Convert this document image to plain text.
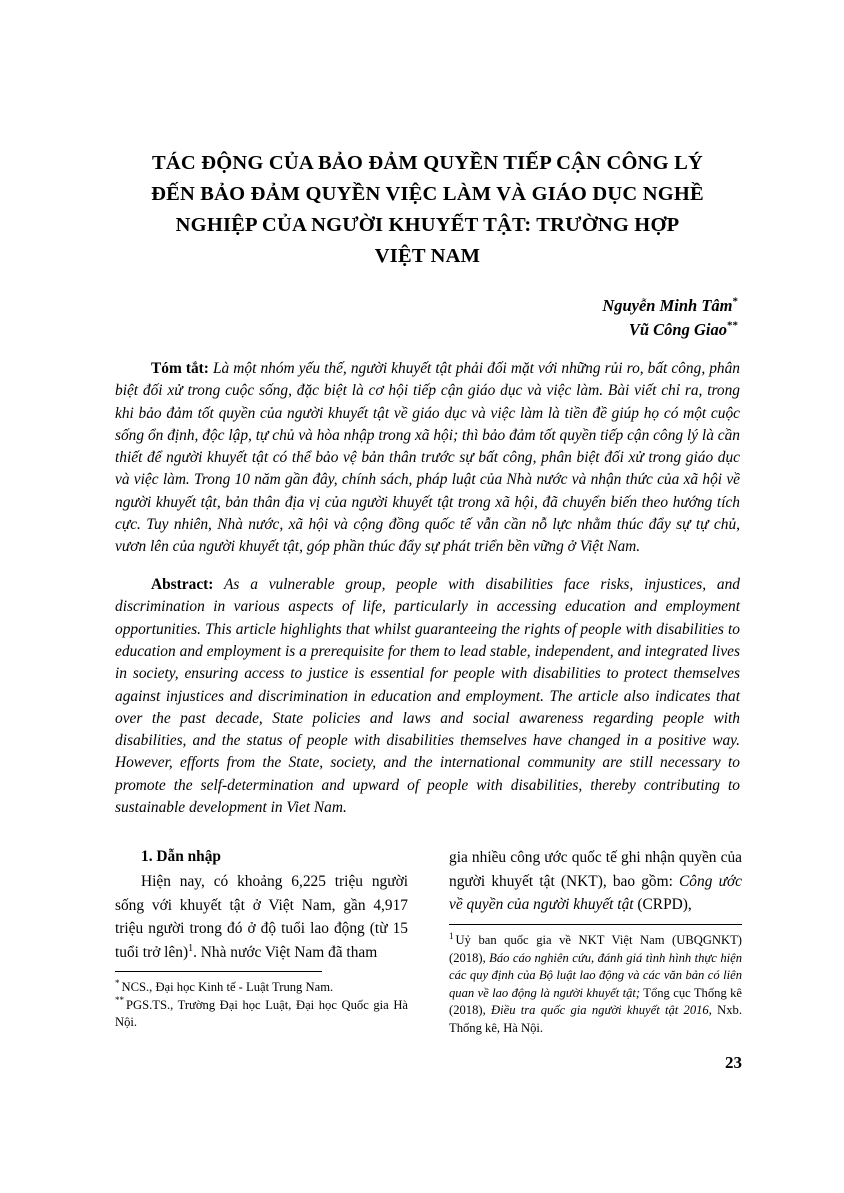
TÁC ĐỘNG CỦA BẢO ĐẢM QUYỀN TIẾP CẬN CÔNG LÝ
ĐẾN BẢO ĐẢM QUYỀN VIỆC LÀM VÀ GIÁO DỤC NGHỀ
NGHIỆP CỦA NGƯỜI KHUYẾT TẬT: TRƯỜNG HỢP
VIỆT NAM
Nguyễn Minh Tâm*
Vũ Công Giao**

Tóm tắt: Là một nhóm yếu thế, người khuyết tật phải đối mặt với những rủi ro, bất công, phân biệt đối xử trong cuộc sống, đặc biệt là cơ hội tiếp cận giáo dục và việc làm. Bài viết chỉ ra, trong khi bảo đảm tốt quyền của người khuyết tật về giáo dục và việc làm là tiền đề giúp họ có một cuộc sống ổn định, độc lập, tự chủ và hòa nhập trong xã hội; thì bảo đảm tốt quyền tiếp cận công lý là cần thiết để người khuyết tật có thể bảo vệ bản thân trước sự bất công, phân biệt đối xử trong giáo dục và việc làm. Trong 10 năm gần đây, chính sách, pháp luật của Nhà nước và nhận thức của xã hội về người khuyết tật, bản thân địa vị của người khuyết tật trong xã hội, đã chuyển biến theo hướng tích cực. Tuy nhiên, Nhà nước, xã hội và cộng đồng quốc tế vẫn cần nỗ lực nhằm thúc đẩy sự tự chủ, vươn lên của người khuyết tật, góp phần thúc đẩy sự phát triển bền vững ở Việt Nam.

Abstract: As a vulnerable group, people with disabilities face risks, injustices, and discrimination in various aspects of life, particularly in accessing education and employment opportunities. This article highlights that whilst guaranteeing the rights of people with disabilities to education and employment is a prerequisite for them to lead stable, independent, and integrated lives in society, ensuring access to justice is essential for people with disabilities to protect themselves against injustices and discrimination in education and employment. The article also indicates that over the past decade, State policies and laws and social awareness regarding people with disabilities, and the status of people with disabilities themselves have changed in a positive way. However, efforts from the State, society, and the international community are still necessary to promote the self-determination and upward of people with disabilities, thereby contributing to sustainable development in Viet Nam.

1. Dẫn nhập

Hiện nay, có khoảng 6,225 triệu người sống với khuyết tật ở Việt Nam, gần 4,917 triệu người trong đó ở độ tuổi lao động (từ 15 tuổi trở lên)$^1$. Nhà nước Việt Nam đã tham

* NCS., Đại học Kinh tế - Luật Trung Nam.

** PGS.TS., Trường Đại học Luật, Đại học Quốc gia Hà Nội.

gia nhiều công ước quốc tế ghi nhận quyền của người khuyết tật (NKT), bao gồm: Công ước về quyền của người khuyết tật (CRPD),

$^1$ Uỷ ban quốc gia về NKT Việt Nam (UBQGNKT) (2018), Báo cáo nghiên cứu, đánh giá tình hình thực hiện các quy định của Bộ luật lao động và các văn bản có liên quan về lao động là người khuyết tật; Tổng cục Thống kê (2018), Điều tra quốc gia người khuyết tật 2016, Nxb. Thống kê, Hà Nội.

23
